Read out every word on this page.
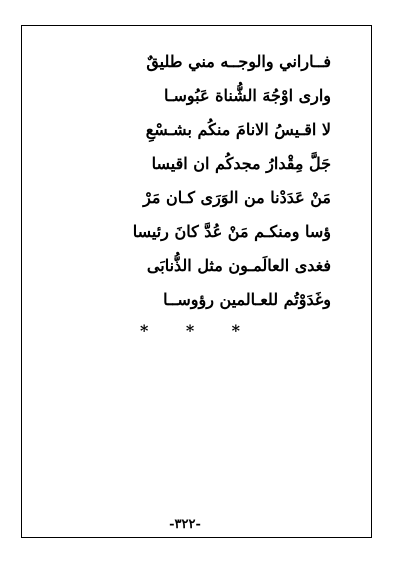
فــاراني والوجــه مني طليقٌ
وارى اوْجُهَ الشُّناة عَبُوسـا
لا اقـيسُ الانامَ منكُم بشـسْعِ
جَلَّ مِقْدارُ مجدكُم ان اقيسا
مَنْ عَدَدْنا من الوَرَى كـان مَرْ
ؤسا ومنكـم مَنْ عُدَّ كانَ رئيسا
فغدى العالَمـون مثل الذُّنابَى
وغَدَوْتُم للعـالمين رؤوســا
* * *
-٣٢٢-
